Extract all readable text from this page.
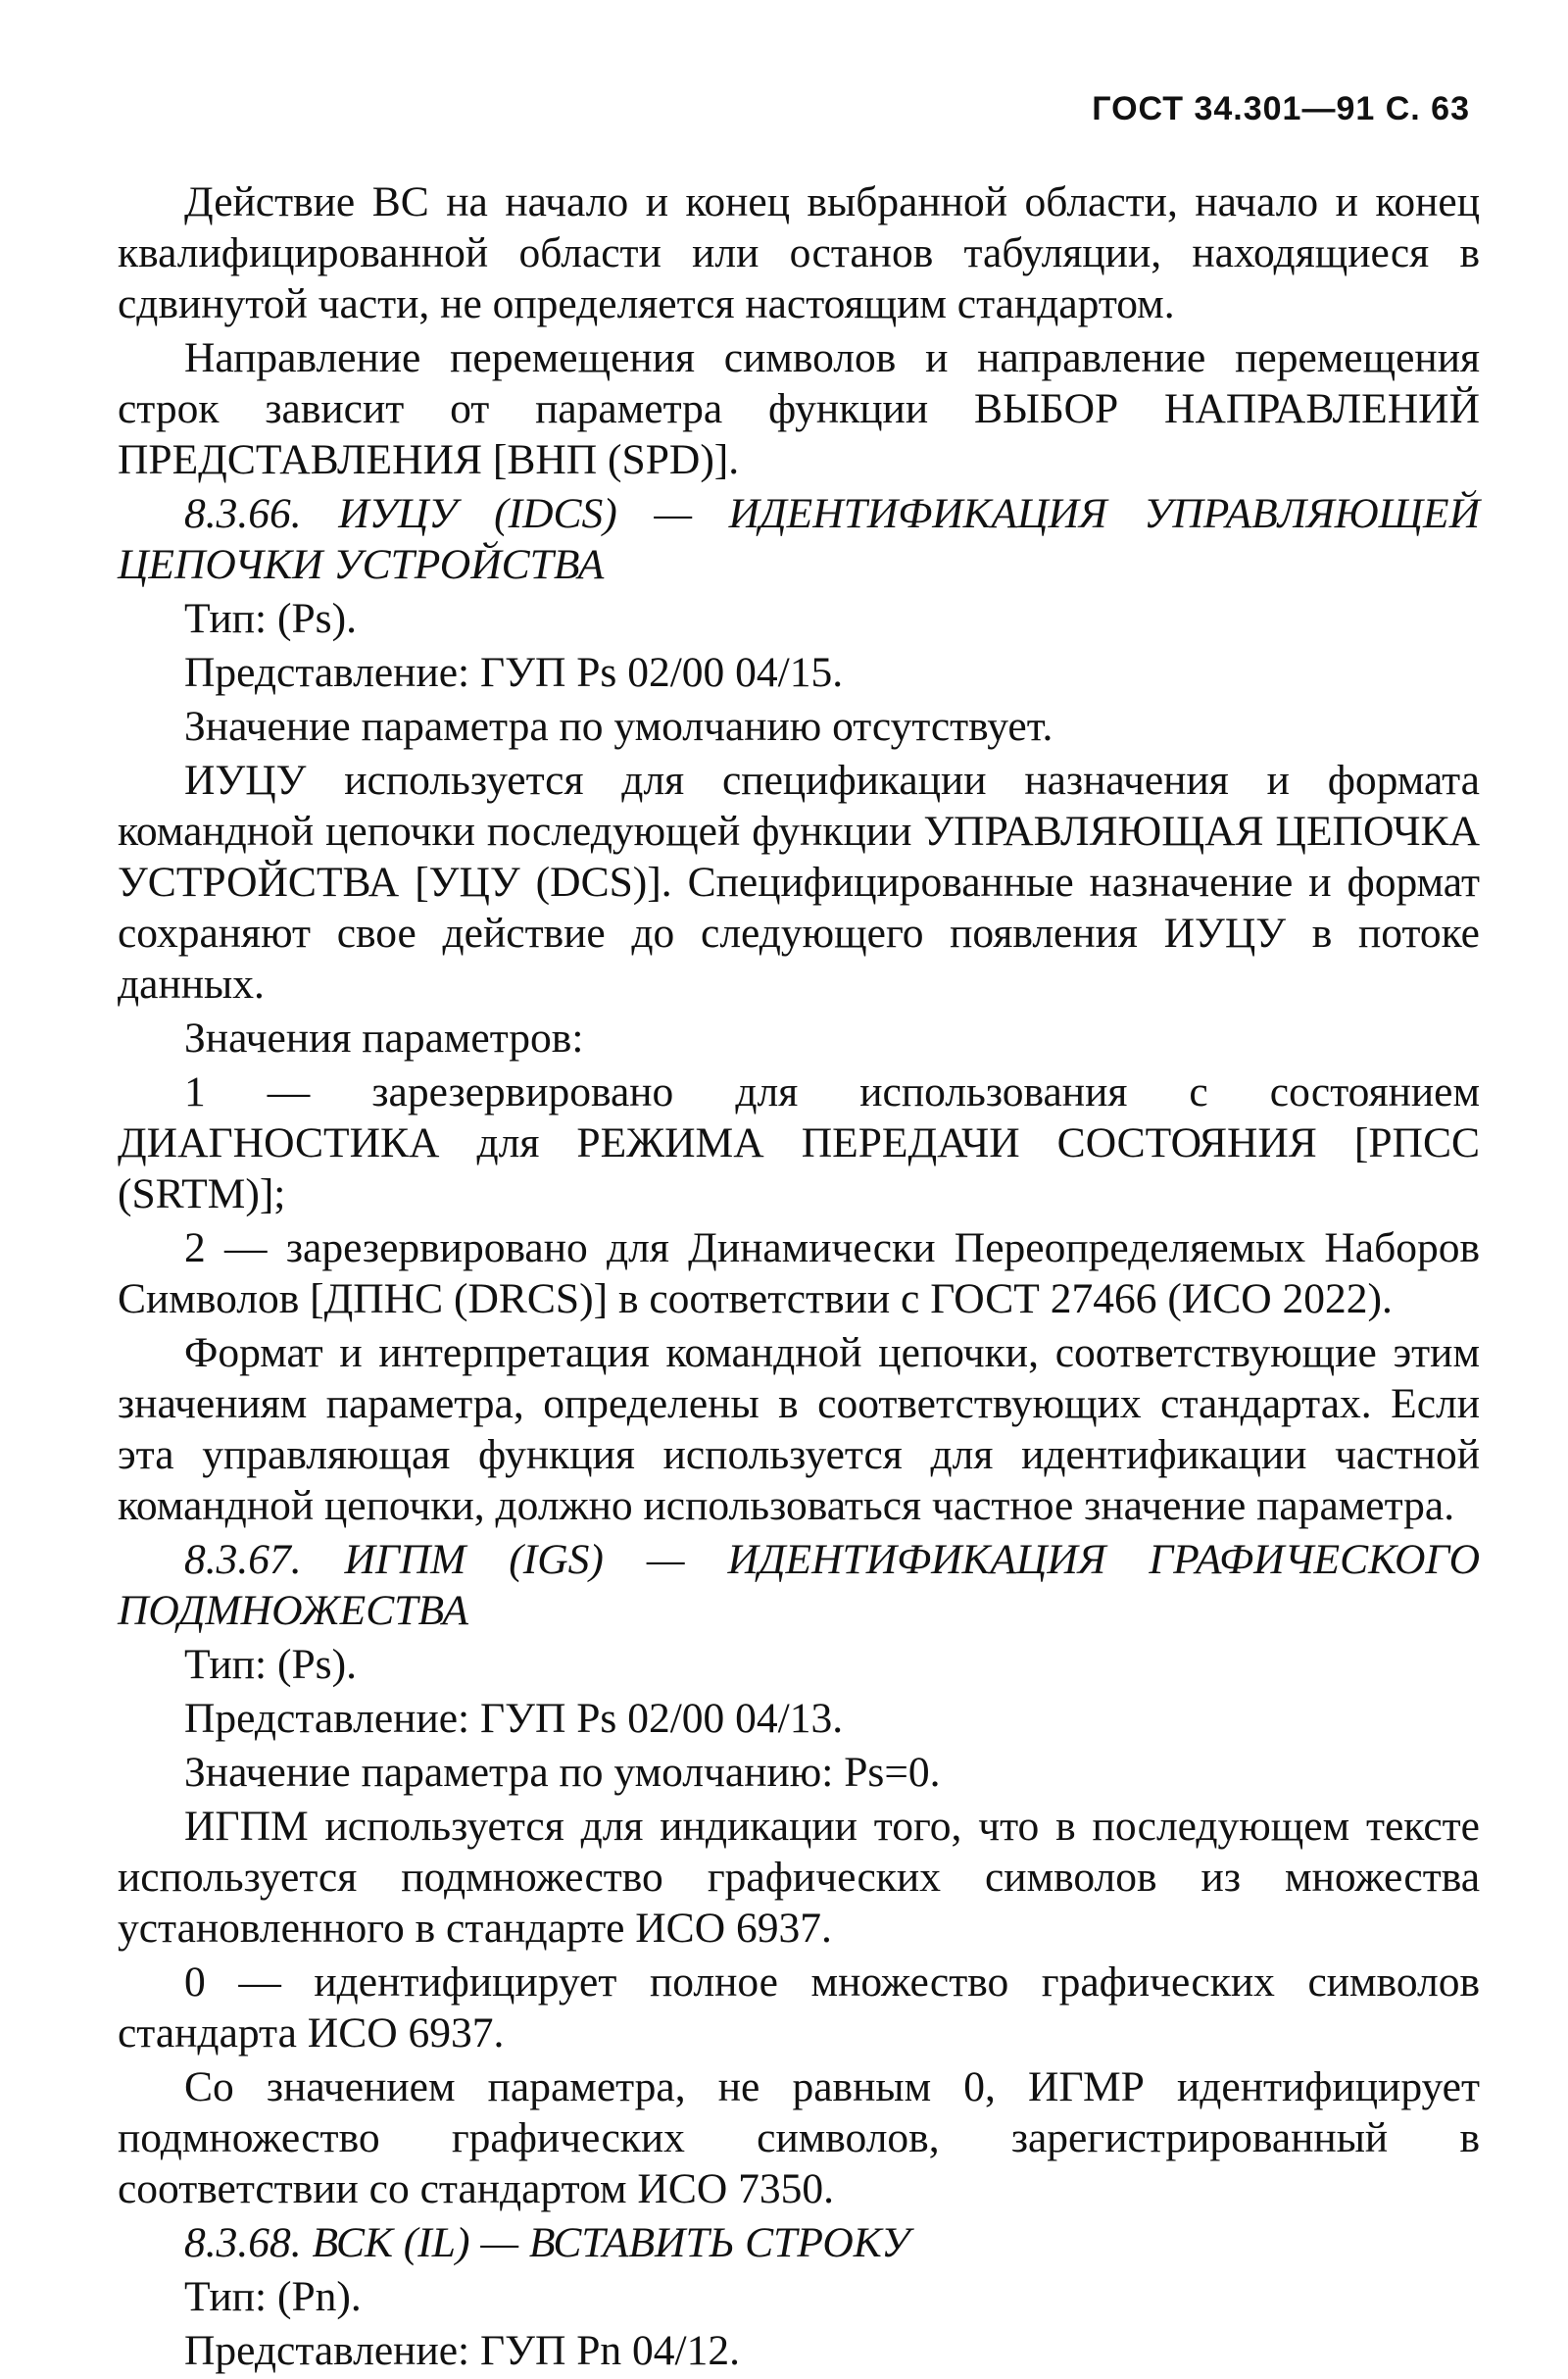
ГОСТ 34.301—91 С. 63

Действие ВС на начало и конец выбранной области, начало и конец квалифицированной области или останов табуляции, находящиеся в сдвинутой части, не определяется настоящим стандартом.

Направление перемещения символов и направление перемещения строк зависит от параметра функции ВЫБОР НАПРАВЛЕНИЙ ПРЕДСТАВЛЕНИЯ [ВНП (SPD)].

8.3.66. ИУЦУ (IDCS) — ИДЕНТИФИКАЦИЯ УПРАВЛЯЮЩЕЙ ЦЕПОЧКИ УСТРОЙСТВА

Тип: (Ps).

Представление: ГУП Ps 02/00 04/15.

Значение параметра по умолчанию отсутствует.

ИУЦУ используется для спецификации назначения и формата командной цепочки последующей функции УПРАВЛЯЮЩАЯ ЦЕПОЧКА УСТРОЙСТВА [УЦУ (DCS)]. Специфицированные назначение и формат сохраняют свое действие до следующего появления ИУЦУ в потоке данных.

Значения параметров:

1 — зарезервировано для использования с состоянием ДИАГНОСТИКА для РЕЖИМА ПЕРЕДАЧИ СОСТОЯНИЯ [РПСС (SRTM)];

2 — зарезервировано для Динамически Переопределяемых Наборов Символов [ДПНС (DRCS)] в соответствии с ГОСТ 27466 (ИСО 2022).

Формат и интерпретация командной цепочки, соответствующие этим значениям параметра, определены в соответствующих стандартах. Если эта управляющая функция используется для идентификации частной командной цепочки, должно использоваться частное значение параметра.

8.3.67. ИГПМ (IGS) — ИДЕНТИФИКАЦИЯ ГРАФИЧЕСКОГО ПОДМНОЖЕСТВА

Тип: (Ps).

Представление: ГУП Ps 02/00 04/13.

Значение параметра по умолчанию: Ps=0.

ИГПМ используется для индикации того, что в последующем тексте используется подмножество графических символов из множества установленного в стандарте ИСО 6937.

0 — идентифицирует полное множество графических символов стандарта ИСО 6937.

Со значением параметра, не равным 0, ИГМР идентифицирует подмножество графических символов, зарегистрированный в соответствии со стандартом ИСО 7350.

8.3.68. ВСК (IL) — ВСТАВИТЬ СТРОКУ

Тип: (Pn).

Представление: ГУП Pn 04/12.
